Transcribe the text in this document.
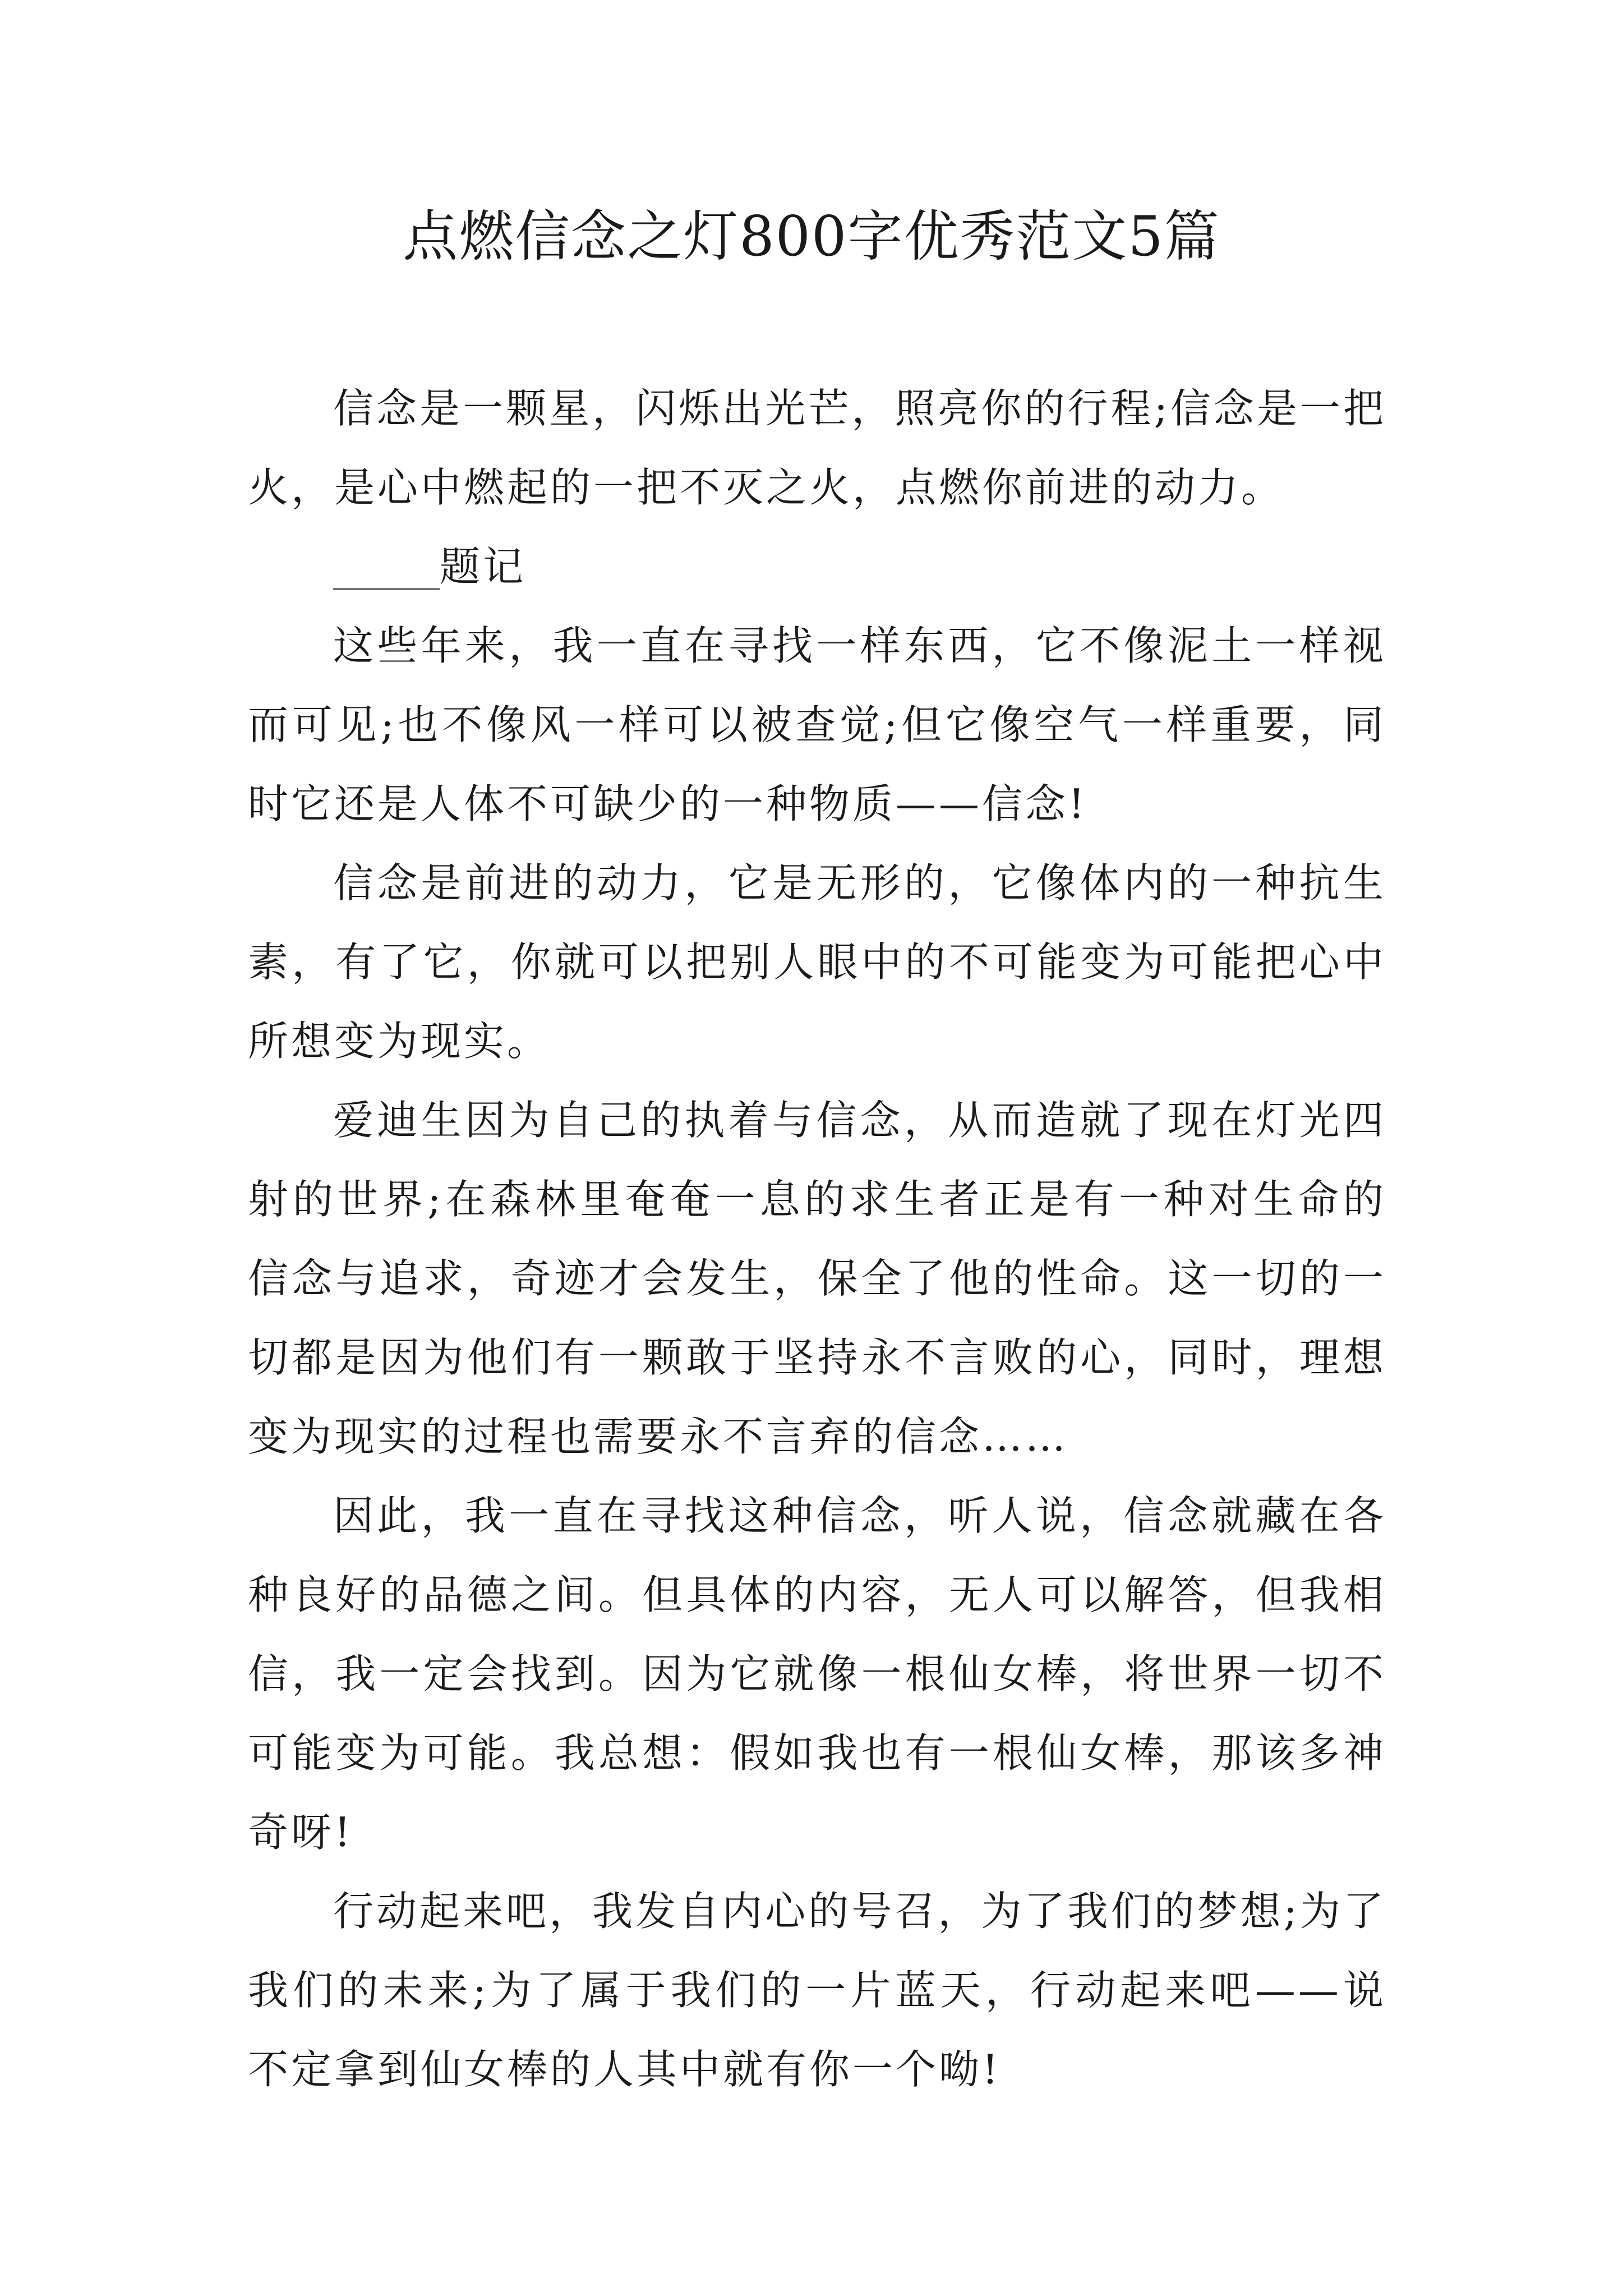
点燃信念之灯800字优秀范文5篇

信念是一颗星，闪烁出光芒，照亮你的行程;信念是一把火，是心中燃起的一把不灭之火，点燃你前进的动力。

题记

这些年来，我一直在寻找一样东西，它不像泥土一样视而可见;也不像风一样可以被查觉;但它像空气一样重要，同时它还是人体不可缺少的一种物质——信念!

信念是前进的动力，它是无形的，它像体内的一种抗生素，有了它，你就可以把别人眼中的不可能变为可能把心中所想变为现实。

爱迪生因为自己的执着与信念，从而造就了现在灯光四射的世界;在森林里奄奄一息的求生者正是有一种对生命的信念与追求，奇迹才会发生，保全了他的性命。这一切的一切都是因为他们有一颗敢于坚持永不言败的心，同时，理想变为现实的过程也需要永不言弃的信念……

因此，我一直在寻找这种信念，听人说，信念就藏在各种良好的品德之间。但具体的内容，无人可以解答，但我相信，我一定会找到。因为它就像一根仙女棒，将世界一切不可能变为可能。我总想：假如我也有一根仙女棒，那该多神奇呀!

行动起来吧，我发自内心的号召，为了我们的梦想;为了我们的未来;为了属于我们的一片蓝天，行动起来吧——说不定拿到仙女棒的人其中就有你一个呦!
